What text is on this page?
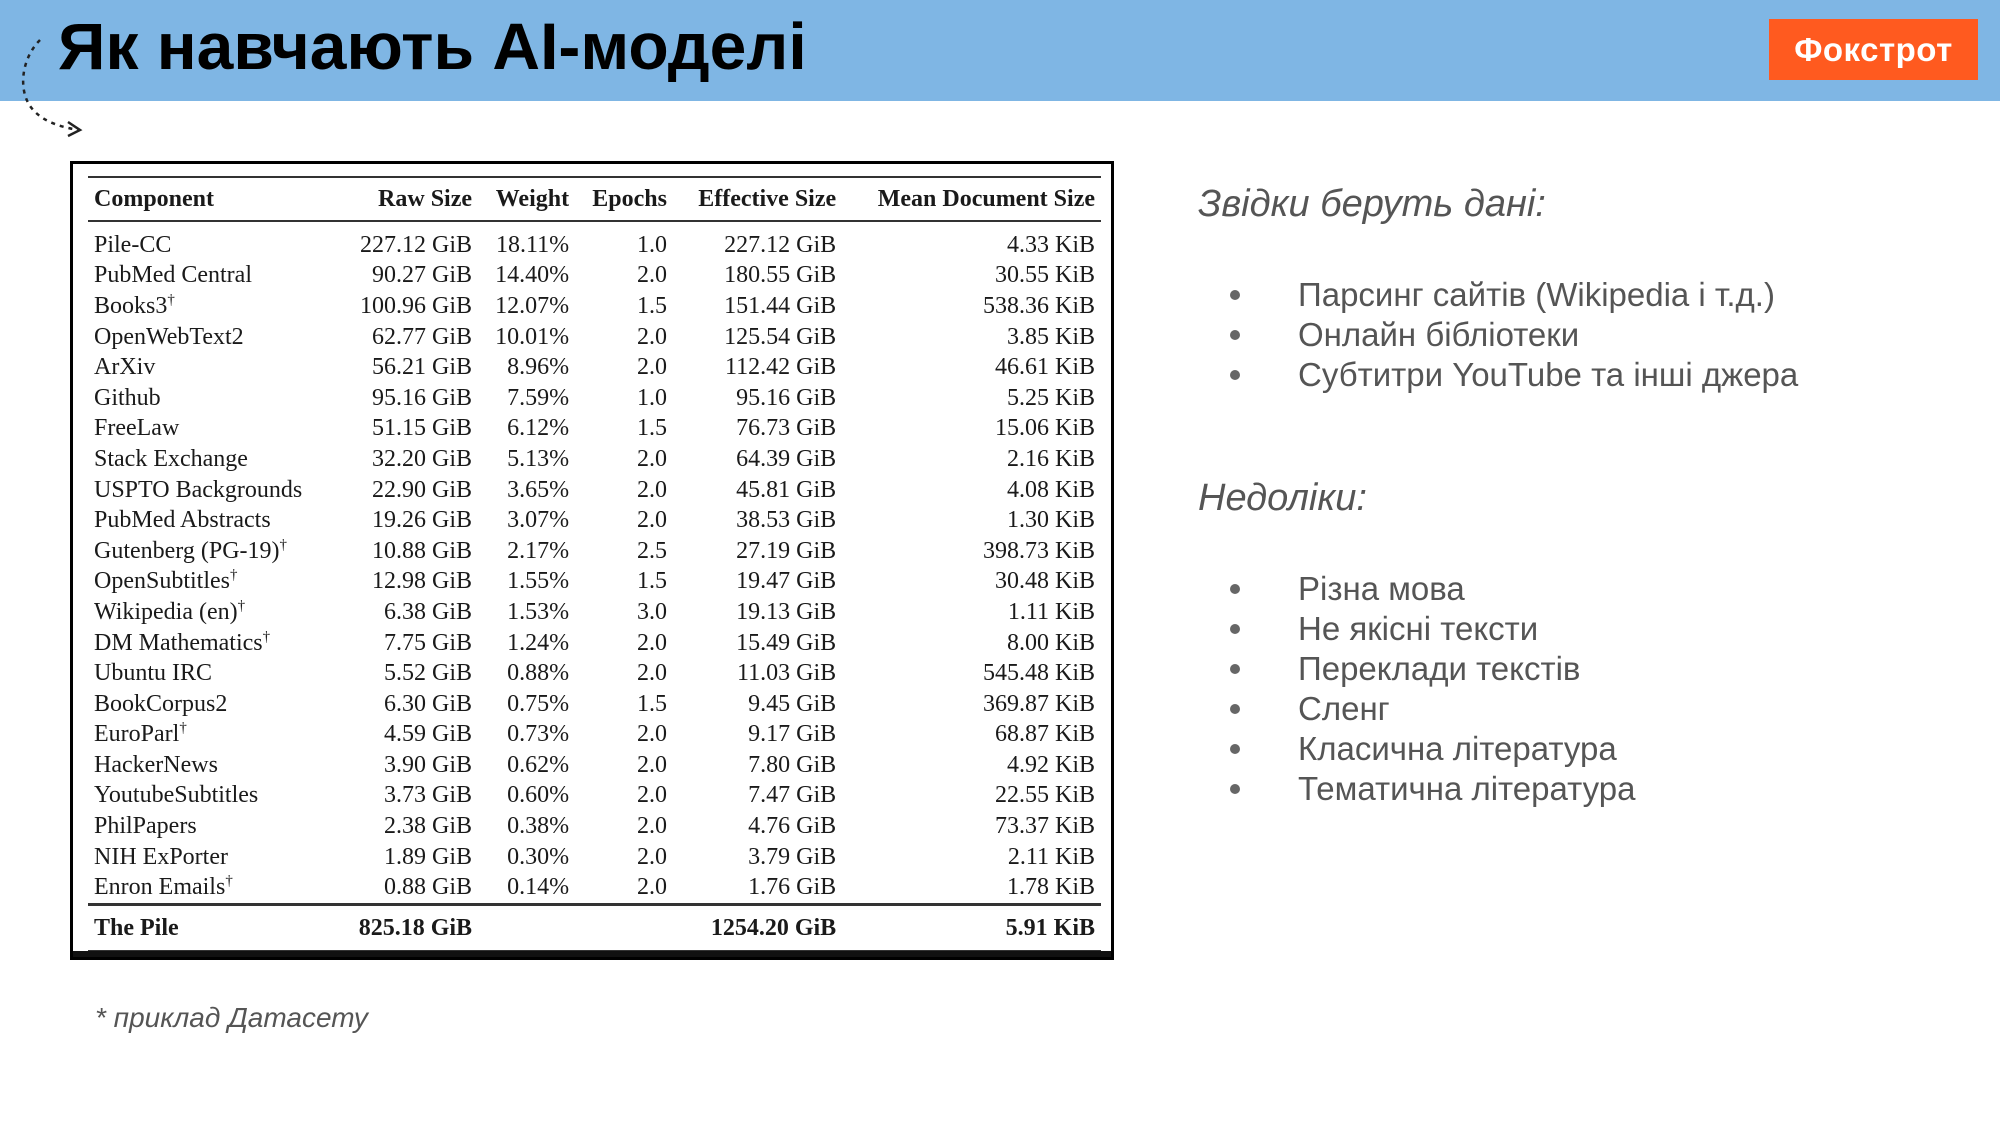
Як навчають AI-моделі	Фокстрот
Component	Raw Size	Weight	Epochs	Effective Size	Mean Document Size
Pile-CC	227.12 GiB	18.11%	1.0	227.12 GiB	4.33 KiB
PubMed Central	90.27 GiB	14.40%	2.0	180.55 GiB	30.55 KiB
Books3†	100.96 GiB	12.07%	1.5	151.44 GiB	538.36 KiB
OpenWebText2	62.77 GiB	10.01%	2.0	125.54 GiB	3.85 KiB
ArXiv	56.21 GiB	8.96%	2.0	112.42 GiB	46.61 KiB
Github	95.16 GiB	7.59%	1.0	95.16 GiB	5.25 KiB
FreeLaw	51.15 GiB	6.12%	1.5	76.73 GiB	15.06 KiB
Stack Exchange	32.20 GiB	5.13%	2.0	64.39 GiB	2.16 KiB
USPTO Backgrounds	22.90 GiB	3.65%	2.0	45.81 GiB	4.08 KiB
PubMed Abstracts	19.26 GiB	3.07%	2.0	38.53 GiB	1.30 KiB
Gutenberg (PG-19)†	10.88 GiB	2.17%	2.5	27.19 GiB	398.73 KiB
OpenSubtitles†	12.98 GiB	1.55%	1.5	19.47 GiB	30.48 KiB
Wikipedia (en)†	6.38 GiB	1.53%	3.0	19.13 GiB	1.11 KiB
DM Mathematics†	7.75 GiB	1.24%	2.0	15.49 GiB	8.00 KiB
Ubuntu IRC	5.52 GiB	0.88%	2.0	11.03 GiB	545.48 KiB
BookCorpus2	6.30 GiB	0.75%	1.5	9.45 GiB	369.87 KiB
EuroParl†	4.59 GiB	0.73%	2.0	9.17 GiB	68.87 KiB
HackerNews	3.90 GiB	0.62%	2.0	7.80 GiB	4.92 KiB
YoutubeSubtitles	3.73 GiB	0.60%	2.0	7.47 GiB	22.55 KiB
PhilPapers	2.38 GiB	0.38%	2.0	4.76 GiB	73.37 KiB
NIH ExPorter	1.89 GiB	0.30%	2.0	3.79 GiB	2.11 KiB
Enron Emails†	0.88 GiB	0.14%	2.0	1.76 GiB	1.78 KiB
The Pile	825.18 GiB			1254.20 GiB	5.91 KiB
* приклад Датасету
Звідки беруть дані:
Парсинг сайтів (Wikipedia і т.д.)
Онлайн бібліотеки
Субтитри YouTube та інші джера
Недоліки:
Різна мова
Не якісні тексти
Переклади текстів
Сленг
Класична література
Тематична література
